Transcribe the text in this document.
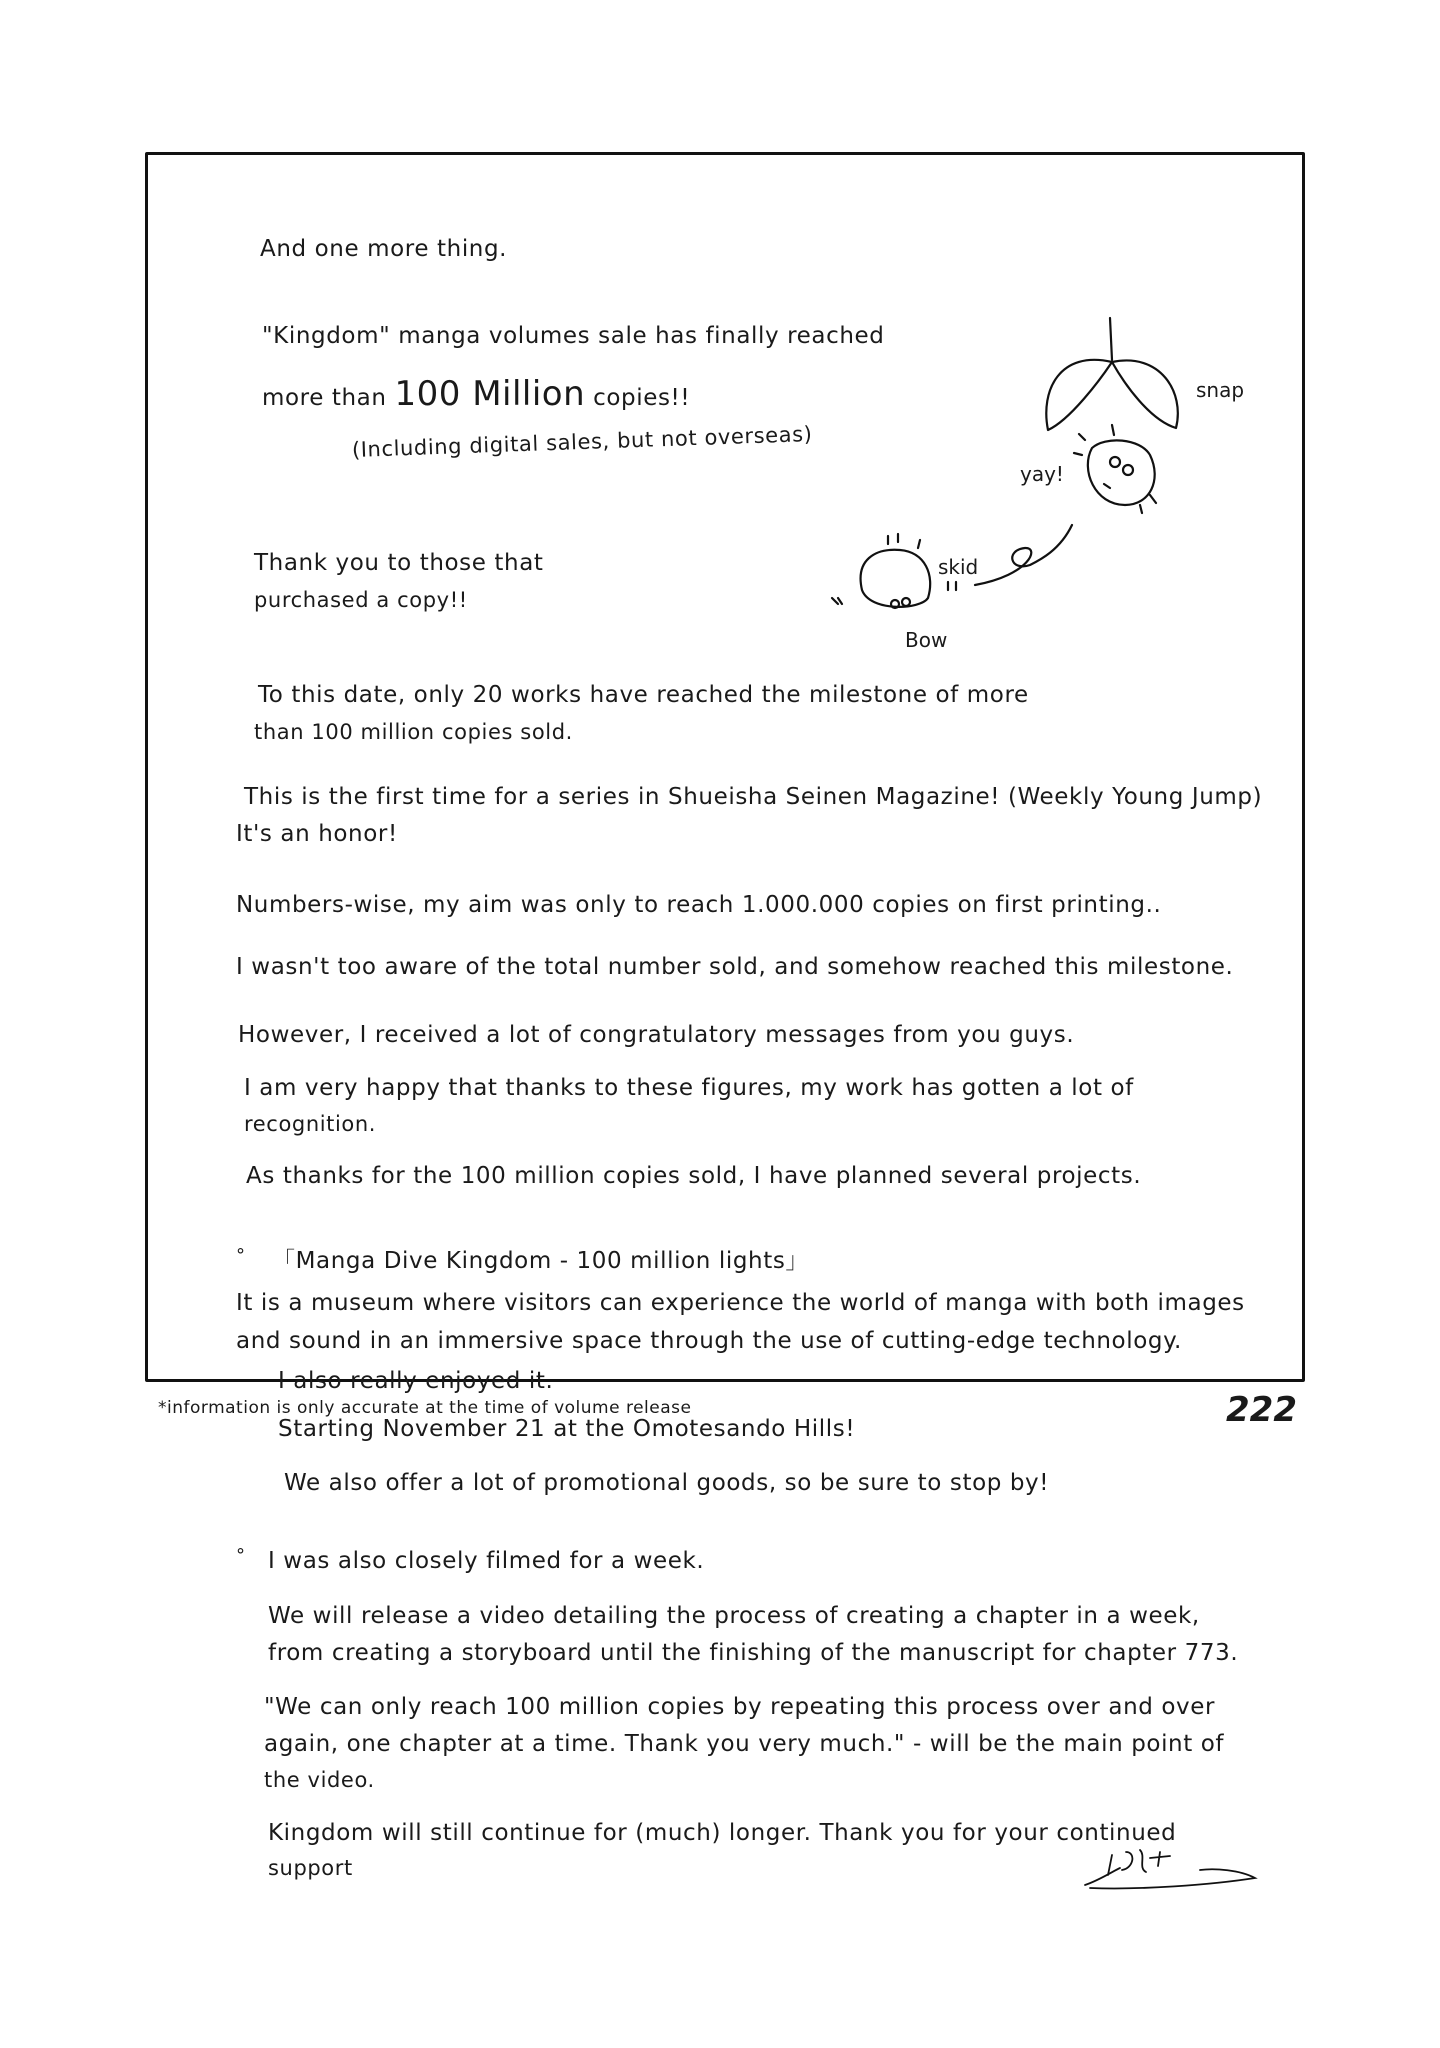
And one more thing.
"Kingdom" manga volumes sale has finally reached
more than 100 Million copies!!
(Including digital sales, but not overseas)
Thank you to those that
purchased a copy!!
To this date, only 20 works have reached the milestone of more
than 100 million copies sold.
This is the first time for a series in Shueisha Seinen Magazine! (Weekly Young Jump)
It's an honor!
Numbers-wise, my aim was only to reach 1.000.000 copies on first printing..
I wasn't too aware of the total number sold, and somehow reached this milestone.
However, I received a lot of congratulatory messages from you guys.
I am very happy that thanks to these figures, my work has gotten a lot of
recognition.
As thanks for the 100 million copies sold, I have planned several projects.
° 「Manga Dive Kingdom - 100 million lights」
It is a museum where visitors can experience the world of manga with both images
and sound in an immersive space through the use of cutting-edge technology.
I also really enjoyed it.
Starting November 21 at the Omotesando Hills!
We also offer a lot of promotional goods, so be sure to stop by!
° I was also closely filmed for a week.
We will release a video detailing the process of creating a chapter in a week,
from creating a storyboard until the finishing of the manuscript for chapter 773.
"We can only reach 100 million copies by repeating this process over and over
again, one chapter at a time. Thank you very much." - will be the main point of
the video.
Kingdom will still continue for (much) longer. Thank you for your continued
support
snap
yay!
skid
Bow
*information is only accurate at the time of volume release	222
